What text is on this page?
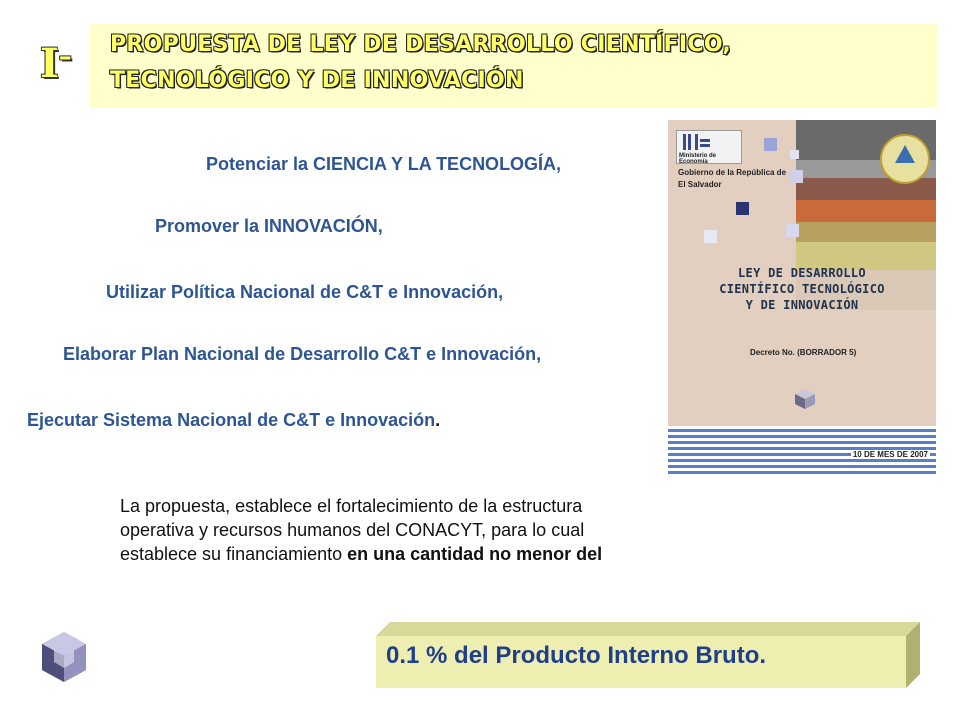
I– PROPUESTA DE LEY DE DESARROLLO CIENTÍFICO,
TECNOLÓGICO Y DE INNOVACIÓN
Potenciar la CIENCIA Y LA TECNOLOGÍA,
Promover la INNOVACIÓN,
Utilizar Política Nacional de C&T e Innovación,
Elaborar Plan Nacional de Desarrollo C&T e Innovación,
Ejecutar Sistema Nacional de C&T e Innovación.
Ministerio de Economía
Gobierno de la República de
El Salvador
LEY DE DESARROLLO
CIENTÍFICO TECNOLÓGICO
Y DE INNOVACIÓN
Decreto No. (BORRADOR 5)
10 DE MES DE 2007
La propuesta, establece el fortalecimiento de la estructura
operativa y recursos humanos del CONACYT, para lo cual
establece su financiamiento en una cantidad no menor del
0.1 % del Producto Interno Bruto.
